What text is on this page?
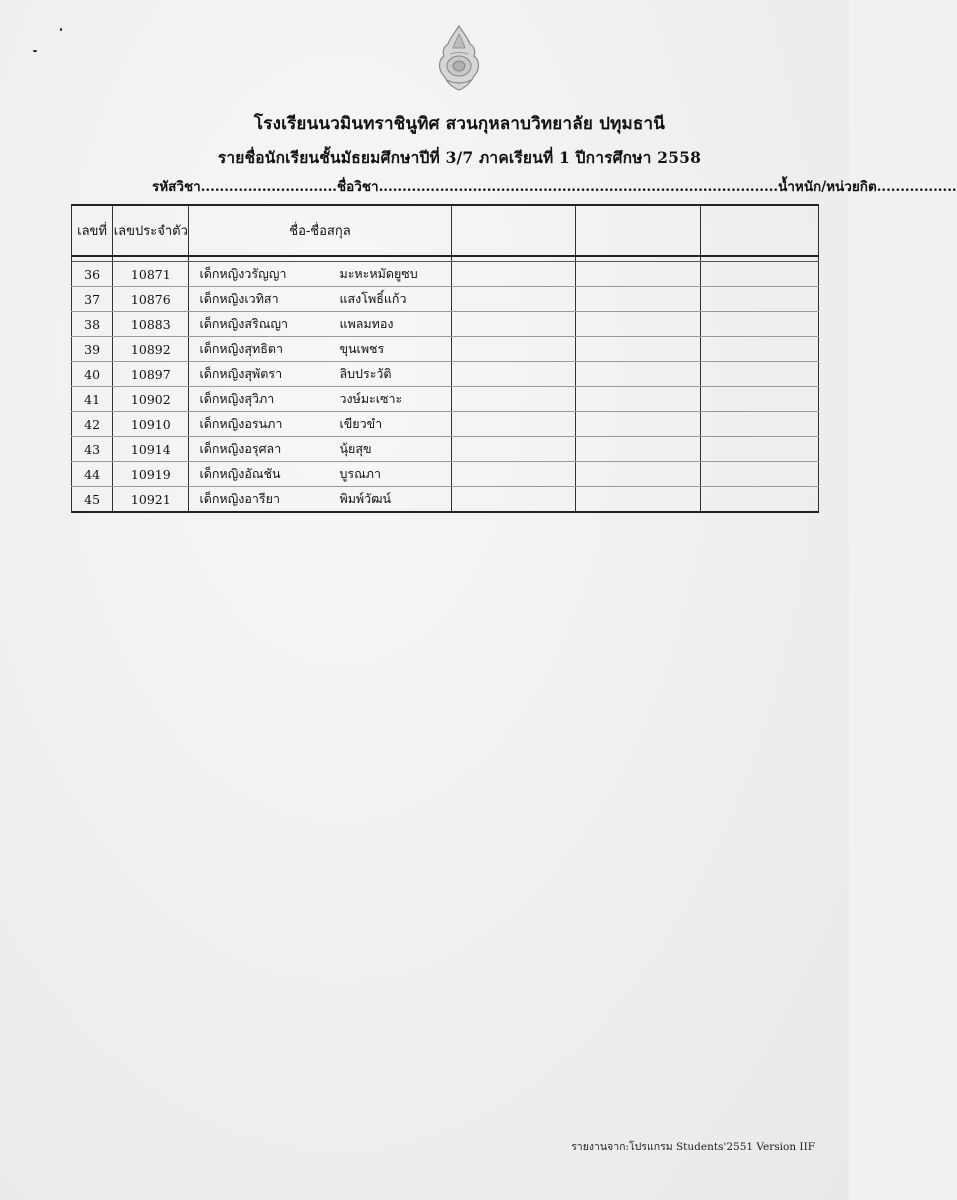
โรงเรียนนวมินทราชินูทิศ สวนกุหลาบวิทยาลัย ปทุมธานี
รายชื่อนักเรียนชั้นมัธยมศึกษาปีที่ 3/7 ภาคเรียนที่ 1 ปีการศึกษา 2558
รหัสวิชา.............................ชื่อวิชา.....................................................................................น้ำหนัก/หน่วยกิต.................
เลขที่	เลขประจำตัว	ชื่อ-ชื่อสกุล			

36	10871	เด็กหญิงวรัญญา มะหะหมัดยูซบ			

37	10876	เด็กหญิงเวทิสา แสงโพธิ์แก้ว			

38	10883	เด็กหญิงสริณญา แพลมทอง			

39	10892	เด็กหญิงสุทธิตา ขุนเพชร			

40	10897	เด็กหญิงสุพัตรา ลิบประวัติ			

41	10902	เด็กหญิงสุวิภา วงษ์มะเซาะ			

42	10910	เด็กหญิงอรนภา เขียวขำ			

43	10914	เด็กหญิงอรุศลา นุ้ยสุข			

44	10919	เด็กหญิงอัณชัน บูรณภา			

45	10921	เด็กหญิงอารียา พิมพ์วัฒน์			

รายงานจาก:โปรแกรม Students'2551 Version IIF
